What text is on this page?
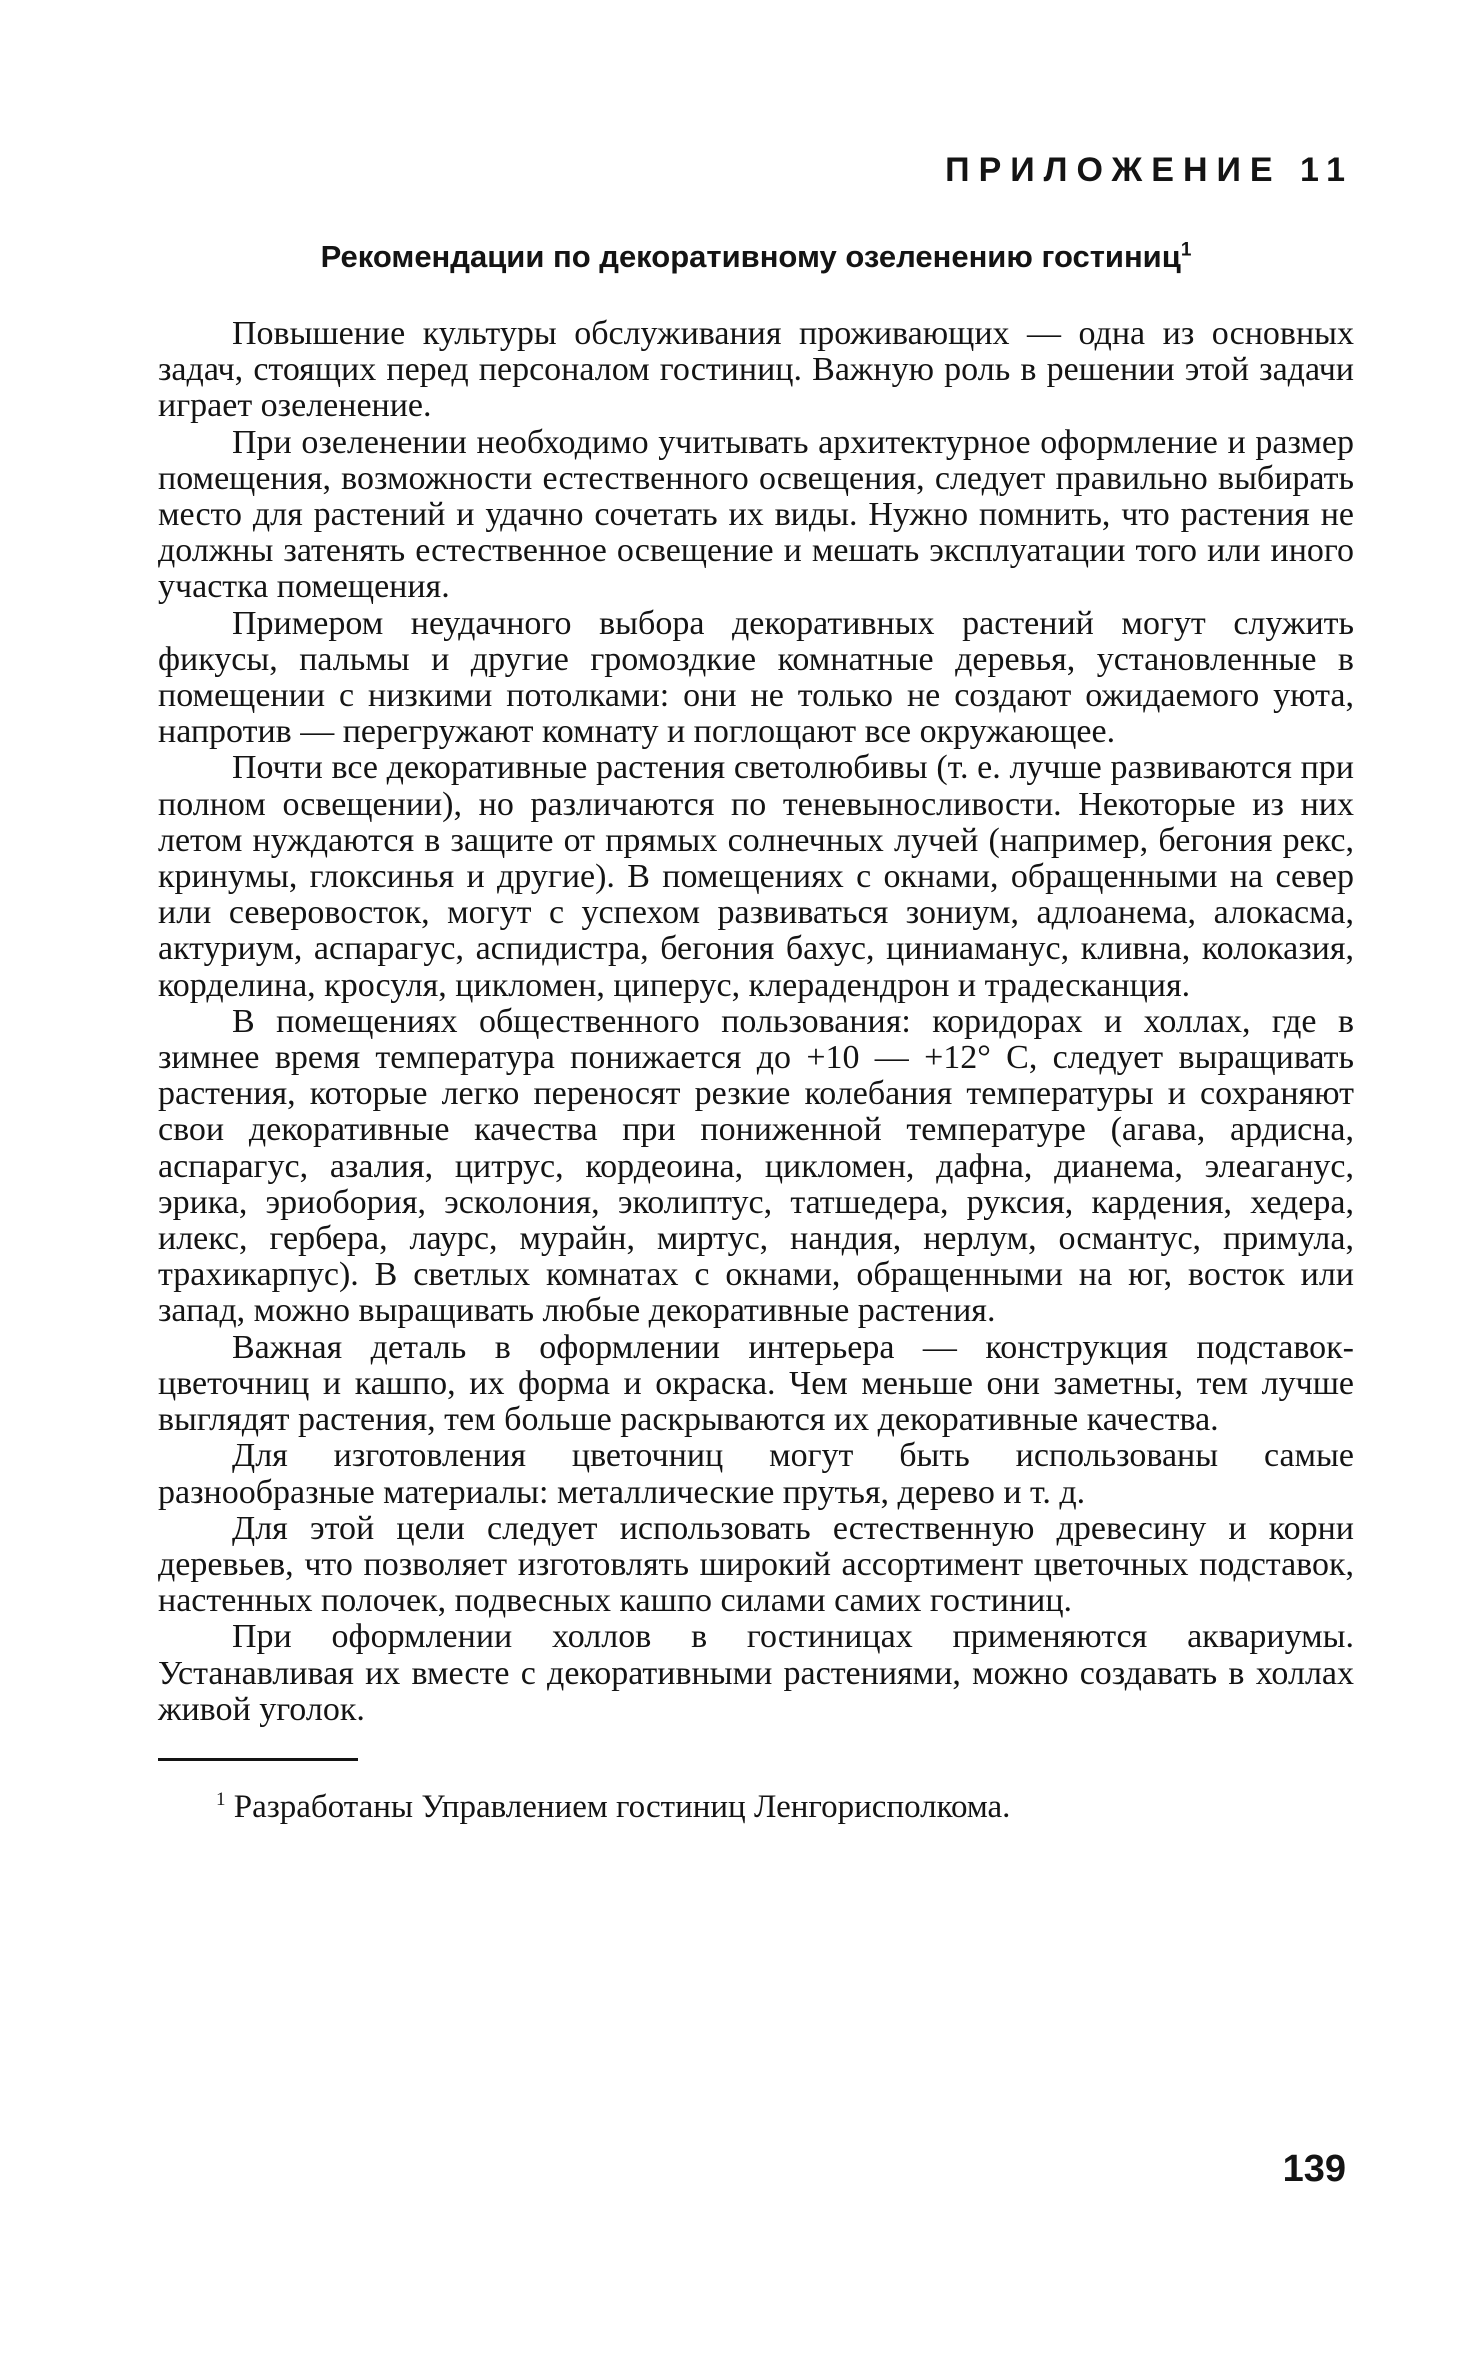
ПРИЛОЖЕНИЕ 11
Рекомендации по декоративному озеленению гостиниц$^1$

Повышение культуры обслуживания проживающих — одна из основных задач, стоящих перед персоналом гостиниц. Важную роль в решении этой задачи играет озеленение.

При озеленении необходимо учитывать архитектурное оформление и размер помещения, возможности естественного освещения, следует правильно выбирать место для растений и удачно сочетать их виды. Нужно помнить, что растения не должны затенять естественное освещение и мешать эксплуатации того или иного участка помещения.

Примером неудачного выбора декоративных растений могут служить фикусы, пальмы и другие громоздкие комнатные деревья, установленные в помещении с низкими потолками: они не только не создают ожидаемого уюта, напротив — перегружают комнату и поглощают все окружающее.

Почти все декоративные растения светолюбивы (т. е. лучше развиваются при полном освещении), но различаются по теневыносливости. Некоторые из них летом нуждаются в защите от прямых солнечных лучей (например, бегония рекс, кринумы, глоксинья и другие). В помещениях с окнами, обращенными на север или северовосток, могут с успехом развиваться зониум, адлоанема, алокасма, актуриум, аспарагус, аспидистра, бегония бахус, циниаманус, кливна, колоказия, корделина, кросуля, цикломен, циперус, клерадендрон и традесканция.

В помещениях общественного пользования: коридорах и холлах, где в зимнее время температура понижается до +10 — +12° С, следует выращивать растения, которые легко переносят резкие колебания температуры и сохраняют свои декоративные качества при пониженной температуре (агава, ардисна, аспарагус, азалия, цитрус, кордеоина, цикломен, дафна, дианема, элеаганус, эрика, эриобория, эсколония, эколиптус, татшедера, руксия, кардения, хедера, илекс, гербера, лаурс, мурайн, миртус, нандия, нерлум, османтус, примула, трахикарпус). В светлых комнатах с окнами, обращенными на юг, восток или запад, можно выращивать любые декоративные растения.

Важная деталь в оформлении интерьера — конструкция подставок-цветочниц и кашпо, их форма и окраска. Чем меньше они заметны, тем лучше выглядят растения, тем больше раскрываются их декоративные качества.

Для изготовления цветочниц могут быть использованы самые разнообразные материалы: металлические прутья, дерево и т. д.

Для этой цели следует использовать естественную древесину и корни деревьев, что позволяет изготовлять широкий ассортимент цветочных подставок, настенных полочек, подвесных кашпо силами самих гостиниц.

При оформлении холлов в гостиницах применяются аквариумы. Устанавливая их вместе с декоративными растениями, можно создавать в холлах живой уголок.

$^1$ Разработаны Управлением гостиниц Ленгорисполкома.

139
